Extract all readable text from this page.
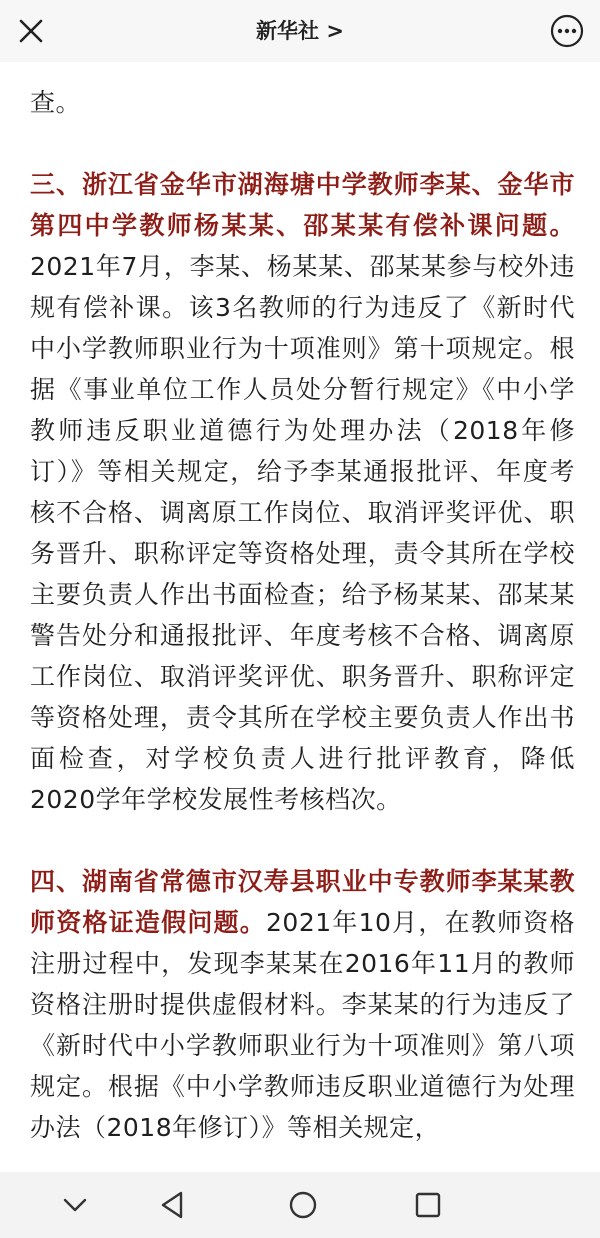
新华社 >

查。

三、浙江省金华市湖海塘中学教师李某、金华市第四中学教师杨某某、邵某某有偿补课问题。2021年7月，李某、杨某某、邵某某参与校外违规有偿补课。该3名教师的行为违反了《新时代中小学教师职业行为十项准则》第十项规定。根据《事业单位工作人员处分暂行规定》《中小学教师违反职业道德行为处理办法（2018年修订）》等相关规定，给予李某通报批评、年度考核不合格、调离原工作岗位、取消评奖评优、职务晋升、职称评定等资格处理，责令其所在学校主要负责人作出书面检查；给予杨某某、邵某某警告处分和通报批评、年度考核不合格、调离原工作岗位、取消评奖评优、职务晋升、职称评定等资格处理，责令其所在学校主要负责人作出书面检查，对学校负责人进行批评教育，降低2020学年学校发展性考核档次。

四、湖南省常德市汉寿县职业中专教师李某某教师资格证造假问题。2021年10月，在教师资格注册过程中，发现李某某在2016年11月的教师资格注册时提供虚假材料。李某某的行为违反了《新时代中小学教师职业行为十项准则》第八项规定。根据《中小学教师违反职业道德行为处理办法（2018年修订）》等相关规定，
